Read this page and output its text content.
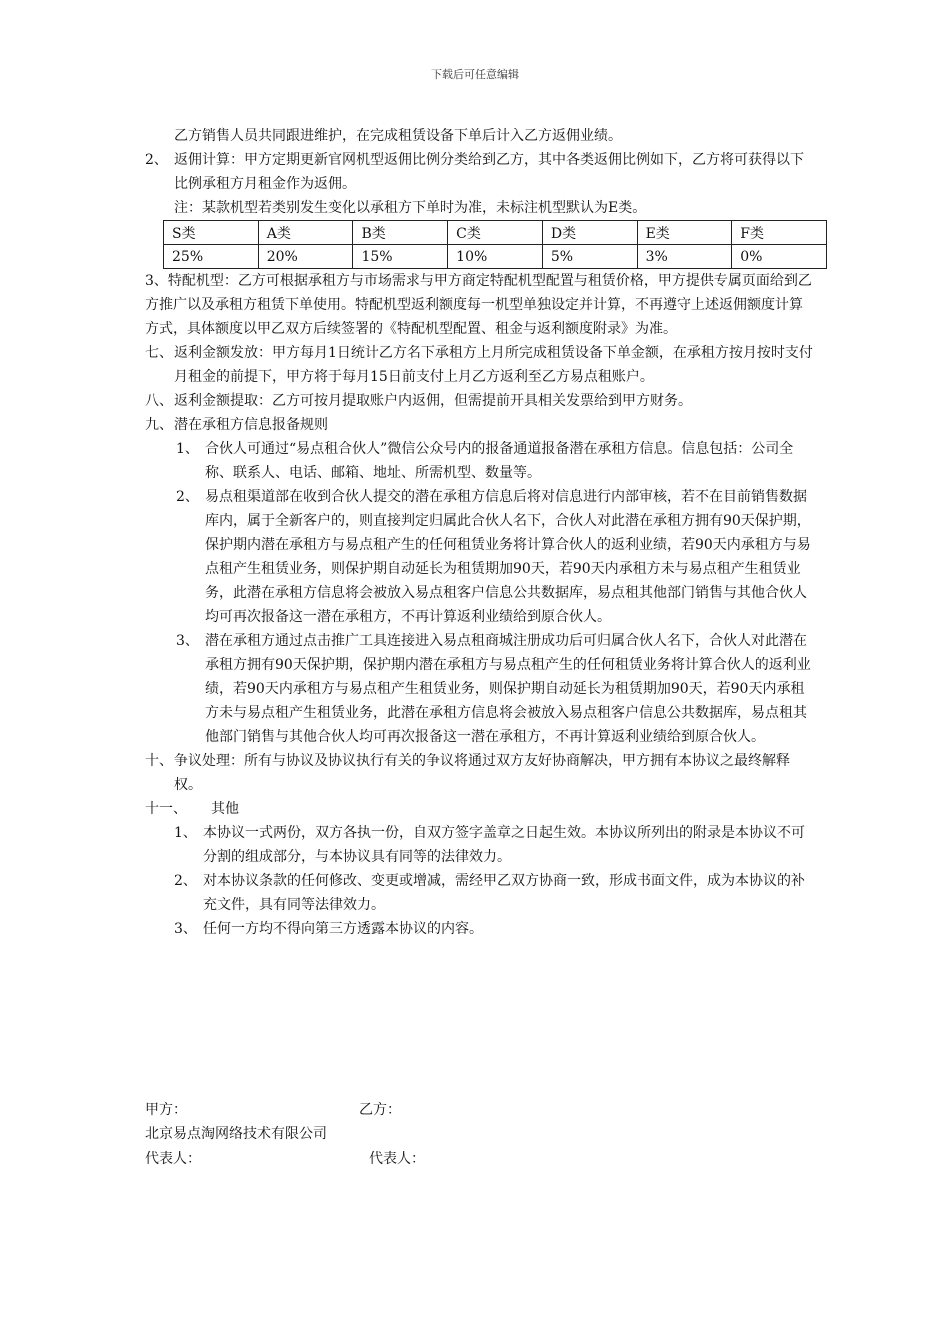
下载后可任意编辑

乙方销售人员共同跟进维护，在完成租赁设备下单后计入乙方返佣业绩。

2、 返佣计算：甲方定期更新官网机型返佣比例分类给到乙方，其中各类返佣比例如下，乙方将可获得以下比例承租方月租金作为返佣。

注：某款机型若类别发生变化以承租方下单时为准，未标注机型默认为E类。

S类	A类	B类	C类	D类	E类	F类
25%	20%	15%	10%	5%	3%	0%

3、特配机型：乙方可根据承租方与市场需求与甲方商定特配机型配置与租赁价格，甲方提供专属页面给到乙方推广以及承租方租赁下单使用。特配机型返利额度每一机型单独设定并计算，不再遵守上述返佣额度计算方式，具体额度以甲乙双方后续签署的《特配机型配置、租金与返利额度附录》为准。

七、返利金额发放：甲方每月1日统计乙方名下承租方上月所完成租赁设备下单金额，在承租方按月按时支付月租金的前提下，甲方将于每月15日前支付上月乙方返利至乙方易点租账户。

八、返利金额提取：乙方可按月提取账户内返佣，但需提前开具相关发票给到甲方财务。

九、潜在承租方信息报备规则

1、 合伙人可通过“易点租合伙人”微信公众号内的报备通道报备潜在承租方信息。信息包括：公司全称、联系人、电话、邮箱、地址、所需机型、数量等。

2、 易点租渠道部在收到合伙人提交的潜在承租方信息后将对信息进行内部审核，若不在目前销售数据库内，属于全新客户的，则直接判定归属此合伙人名下，合伙人对此潜在承租方拥有90天保护期，保护期内潜在承租方与易点租产生的任何租赁业务将计算合伙人的返利业绩，若90天内承租方与易点租产生租赁业务，则保护期自动延长为租赁期加90天，若90天内承租方未与易点租产生租赁业务，此潜在承租方信息将会被放入易点租客户信息公共数据库，易点租其他部门销售与其他合伙人均可再次报备这一潜在承租方，不再计算返利业绩给到原合伙人。

3、 潜在承租方通过点击推广工具连接进入易点租商城注册成功后可归属合伙人名下，合伙人对此潜在承租方拥有90天保护期，保护期内潜在承租方与易点租产生的任何租赁业务将计算合伙人的返利业绩，若90天内承租方与易点租产生租赁业务，则保护期自动延长为租赁期加90天，若90天内承租方未与易点租产生租赁业务，此潜在承租方信息将会被放入易点租客户信息公共数据库，易点租其他部门销售与其他合伙人均可再次报备这一潜在承租方，不再计算返利业绩给到原合伙人。

十、争议处理：所有与协议及协议执行有关的争议将通过双方友好协商解决，甲方拥有本协议之最终解释权。

十一、 其他

1、 本协议一式两份，双方各执一份，自双方签字盖章之日起生效。本协议所列出的附录是本协议不可分割的组成部分，与本协议具有同等的法律效力。

2、 对本协议条款的任何修改、变更或增减，需经甲乙双方协商一致，形成书面文件，成为本协议的补充文件，具有同等法律效力。

3、 任何一方均不得向第三方透露本协议的内容。

甲方：	乙方：
北京易点淘网络技术有限公司
代表人：	代表人：
